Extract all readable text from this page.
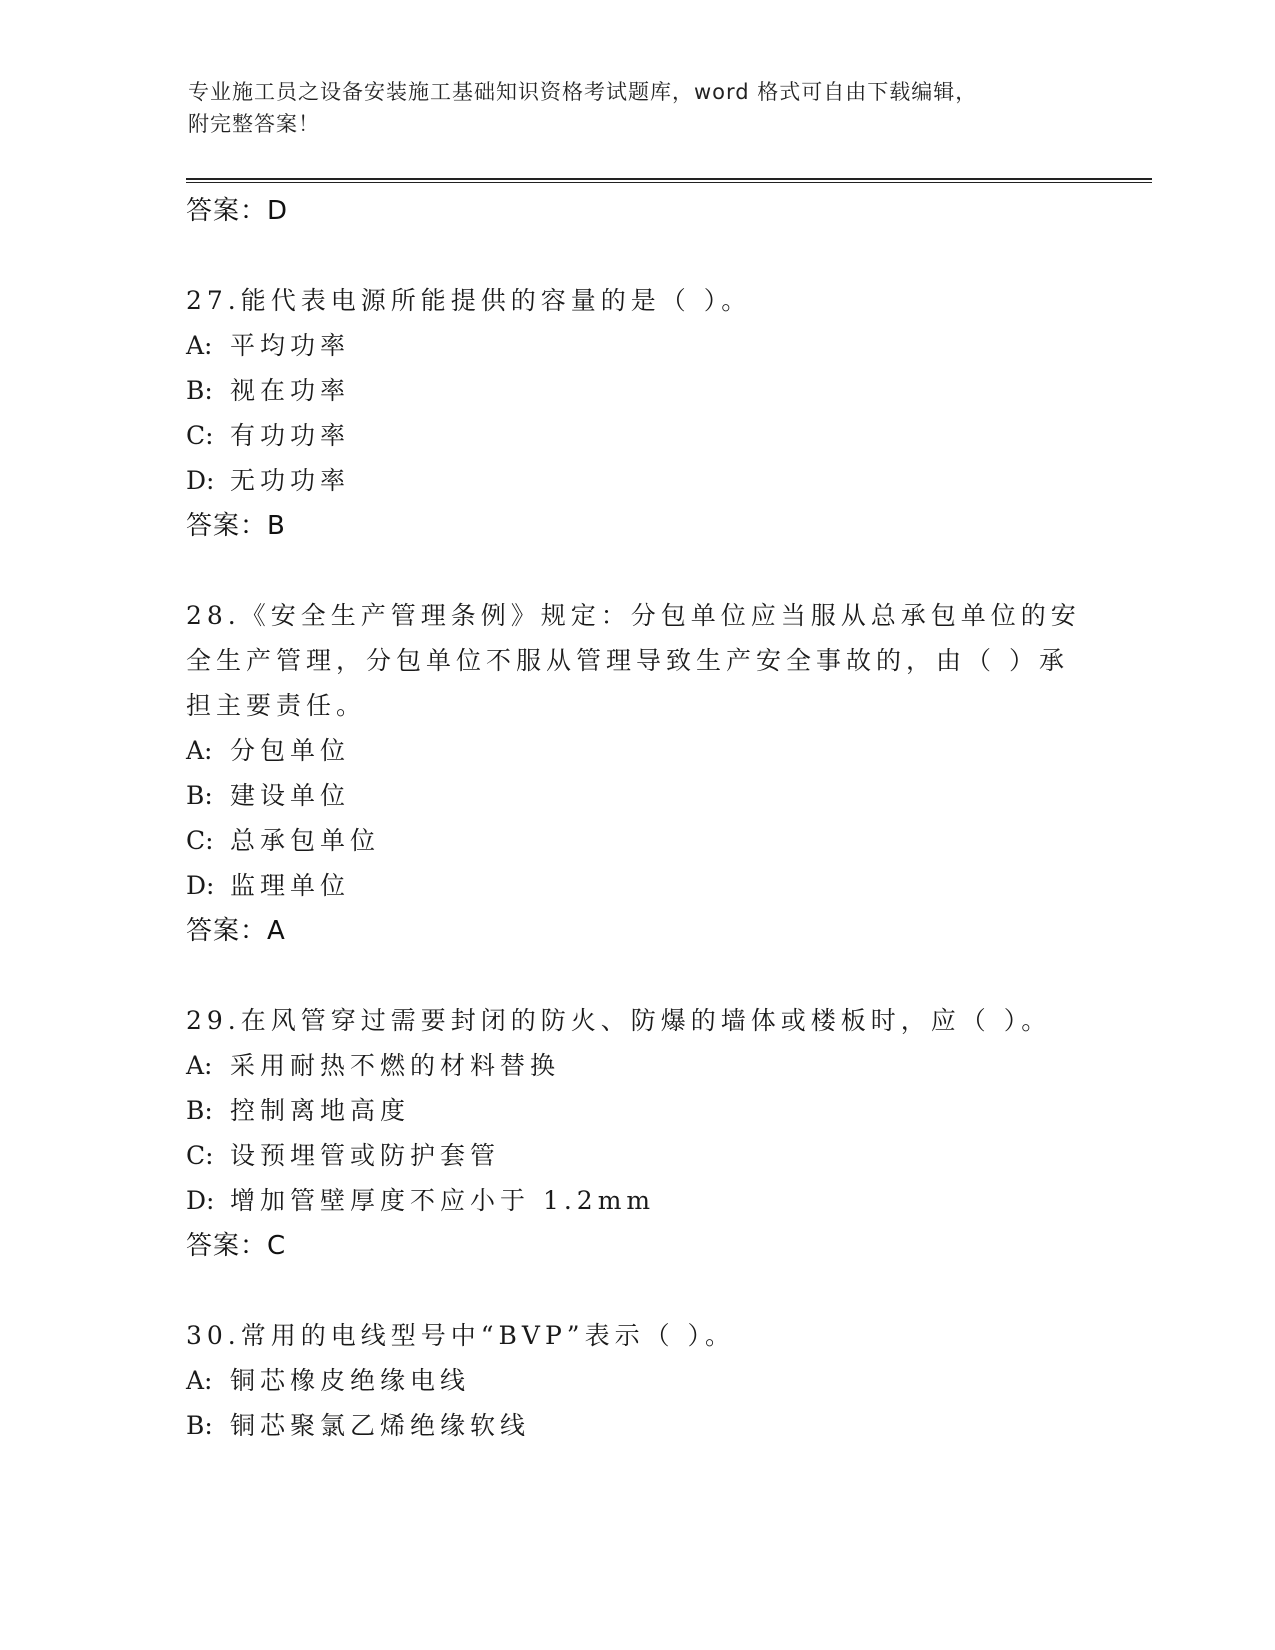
专业施工员之设备安装施工基础知识资格考试题库，word 格式可自由下载编辑，
附完整答案！
答案：D
27.能代表电源所能提供的容量的是（ ）。
A: 平均功率
B: 视在功率
C: 有功功率
D: 无功功率
答案：B
28.《安全生产管理条例》规定：分包单位应当服从总承包单位的安全生产管理，分包单位不服从管理导致生产安全事故的，由（ ）承担主要责任。
A: 分包单位
B: 建设单位
C: 总承包单位
D: 监理单位
答案：A
29.在风管穿过需要封闭的防火、防爆的墙体或楼板时，应（ ）。
A: 采用耐热不燃的材料替换
B: 控制离地高度
C: 设预埋管或防护套管
D: 增加管壁厚度不应小于 1.2mm
答案：C
30.常用的电线型号中“BVP”表示（ ）。
A: 铜芯橡皮绝缘电线
B: 铜芯聚氯乙烯绝缘软线
